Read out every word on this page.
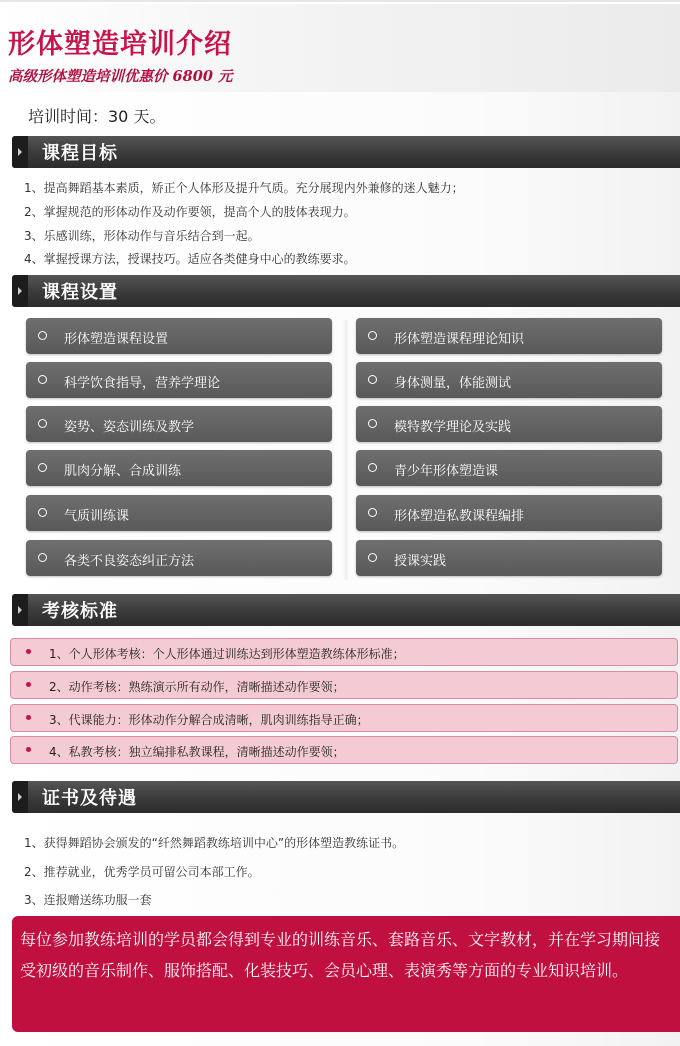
形体塑造培训介绍
高级形体塑造培训优惠价 6800 元
培训时间：30 天。
课程目标
1、提高舞蹈基本素质，矫正个人体形及提升气质。充分展现内外兼修的迷人魅力；
2、掌握规范的形体动作及动作要领，提高个人的肢体表现力。
3、乐感训练，形体动作与音乐结合到一起。
4、掌握授课方法，授课技巧。适应各类健身中心的教练要求。
课程设置
形体塑造课程设置
科学饮食指导，营养学理论
姿势、姿态训练及教学
肌肉分解、合成训练
气质训练课
各类不良姿态纠正方法
形体塑造课程理论知识
身体测量，体能测试
模特教学理论及实践
青少年形体塑造课
形体塑造私教课程编排
授课实践
考核标准
1、个人形体考核：个人形体通过训练达到形体塑造教练体形标准；
2、动作考核：熟练演示所有动作，清晰描述动作要领；
3、代课能力：形体动作分解合成清晰，肌肉训练指导正确；
4、私教考核：独立编排私教课程，清晰描述动作要领；
证书及待遇
1、获得舞蹈协会颁发的“纤然舞蹈教练培训中心”的形体塑造教练证书。
2、推荐就业，优秀学员可留公司本部工作。
3、连报赠送练功服一套

每位参加教练培训的学员都会得到专业的训练音乐、套路音乐、文字教材，并在学习期间接受初级的音乐制作、服饰搭配、化装技巧、会员心理、表演秀等方面的专业知识培训。
